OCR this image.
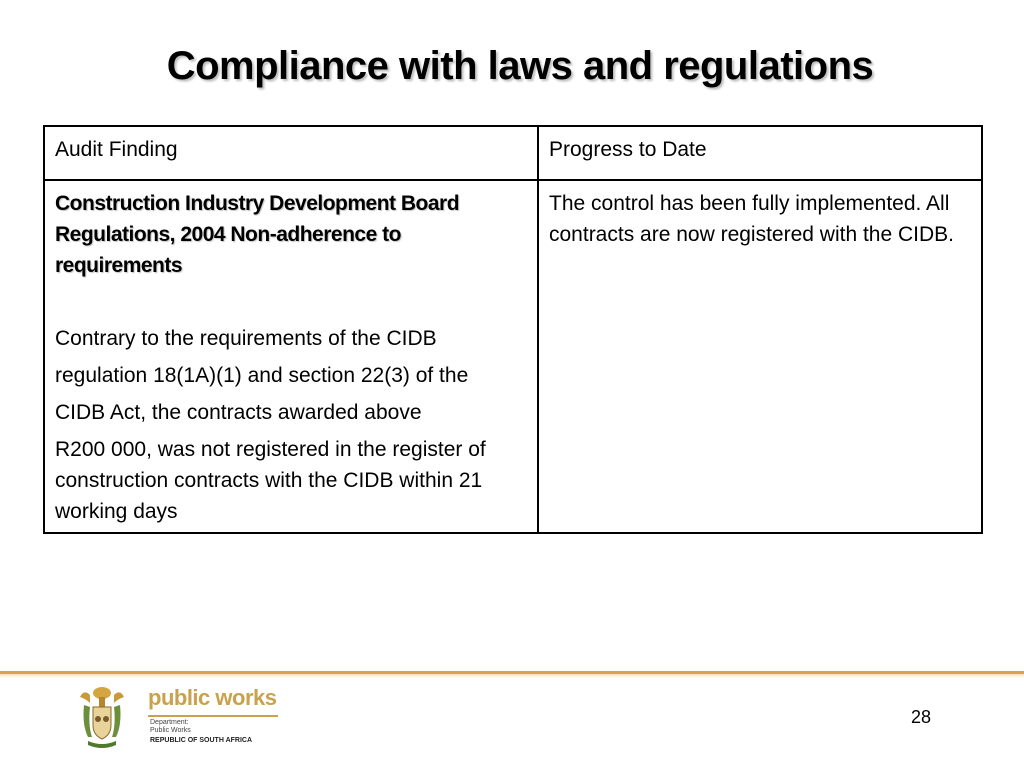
Compliance with laws and regulations
Audit Finding	Progress to Date

Construction Industry Development Board Regulations, 2004 Non-adherence to requirements

Contrary to the requirements of the CIDB

regulation 18(1A)(1) and section 22(3) of the

CIDB Act, the contracts awarded above

R200 000, was not registered in the register of construction contracts with the CIDB within 21 working days	The control has been fully implemented. All contracts are now registered with the CIDB.
public works
Department:
Public Works
REPUBLIC OF SOUTH AFRICA
28
